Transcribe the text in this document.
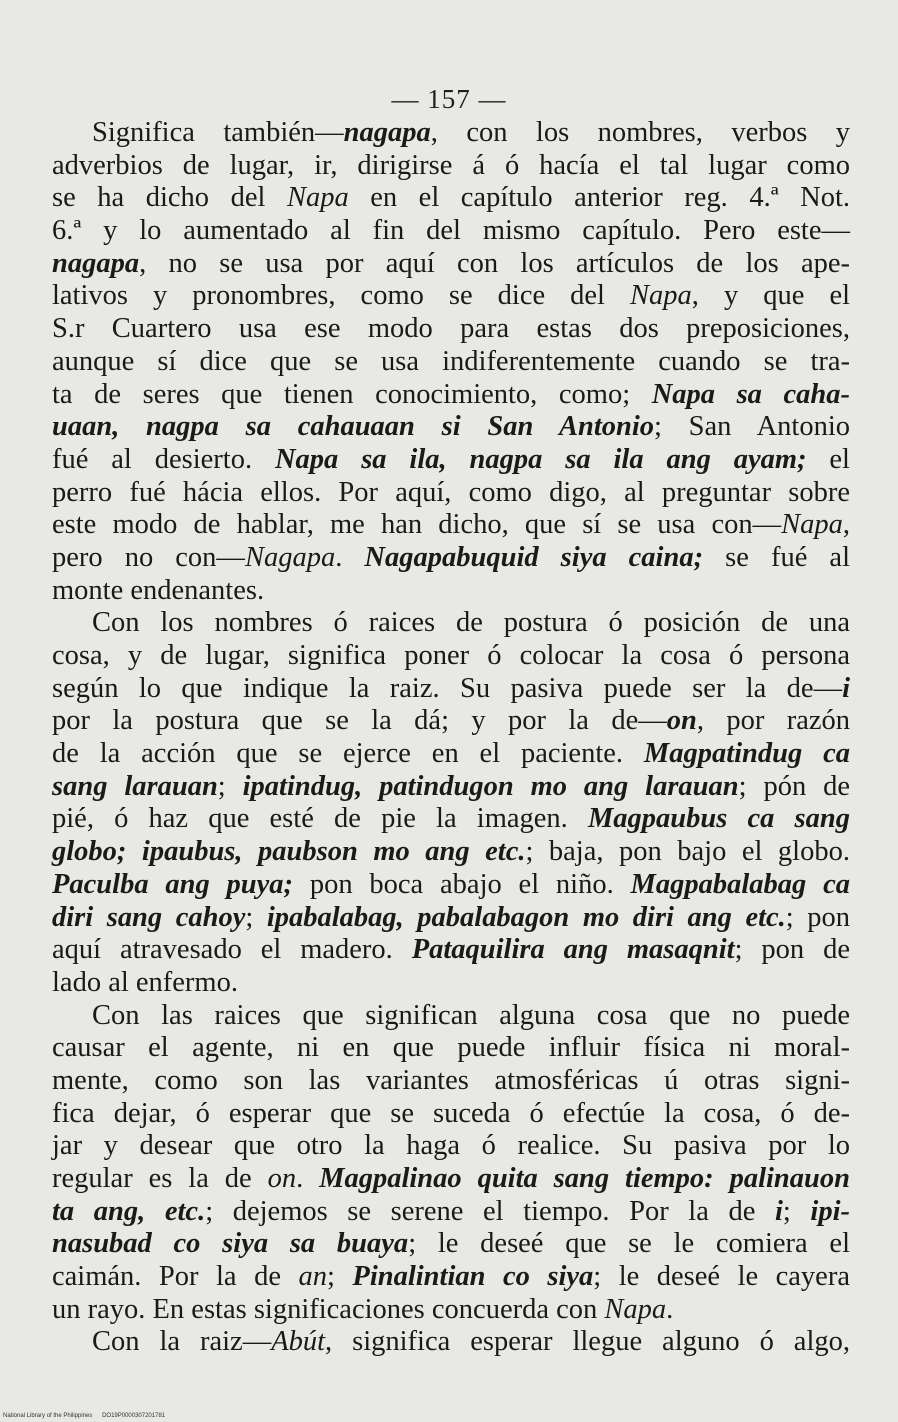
— 157 —
Significa también—nagapa, con los nombres, verbos y
adverbios de lugar, ir, dirigirse á ó hacía el tal lugar como
se ha dicho del Napa en el capítulo anterior reg. 4.ª Not.
6.ª y lo aumentado al fin del mismo capítulo. Pero este—
nagapa, no se usa por aquí con los artículos de los ape-
lativos y pronombres, como se dice del Napa, y que el
S.r Cuartero usa ese modo para estas dos preposiciones,
aunque sí dice que se usa indiferentemente cuando se tra-
ta de seres que tienen conocimiento, como; Napa sa caha-
uaan, nagpa sa cahauaan si San Antonio; San Antonio
fué al desierto. Napa sa ila, nagpa sa ila ang ayam; el
perro fué hácia ellos. Por aquí, como digo, al preguntar sobre
este modo de hablar, me han dicho, que sí se usa con—Napa,
pero no con—Nagapa. Nagapabuquid siya caina; se fué al
monte endenantes.
Con los nombres ó raices de postura ó posición de una
cosa, y de lugar, significa poner ó colocar la cosa ó persona
según lo que indique la raiz. Su pasiva puede ser la de—i
por la postura que se la dá; y por la de—on, por razón
de la acción que se ejerce en el paciente. Magpatindug ca
sang larauan; ipatindug, patindugon mo ang larauan; pón de
pié, ó haz que esté de pie la imagen. Magpaubus ca sang
globo; ipaubus, paubson mo ang etc.; baja, pon bajo el globo.
Paculba ang puya; pon boca abajo el niño. Magpabalabag ca
diri sang cahoy; ipabalabag, pabalabagon mo diri ang etc.; pon
aquí atravesado el madero. Pataquilira ang masaqnit; pon de
lado al enfermo.
Con las raices que significan alguna cosa que no puede
causar el agente, ni en que puede influir física ni moral-
mente, como son las variantes atmosféricas ú otras signi-
fica dejar, ó esperar que se suceda ó efectúe la cosa, ó de-
jar y desear que otro la haga ó realice. Su pasiva por lo
regular es la de on. Magpalinao quita sang tiempo: palinauon
ta ang, etc.; dejemos se serene el tiempo. Por la de i; ipi-
nasubad co siya sa buaya; le deseé que se le comiera el
caimán. Por la de an; Pinalintian co siya; le deseé le cayera
un rayo. En estas significaciones concuerda con Napa.
Con la raiz—Abút, significa esperar llegue alguno ó algo,
National Library of the Philippines DO19P0000307201781
